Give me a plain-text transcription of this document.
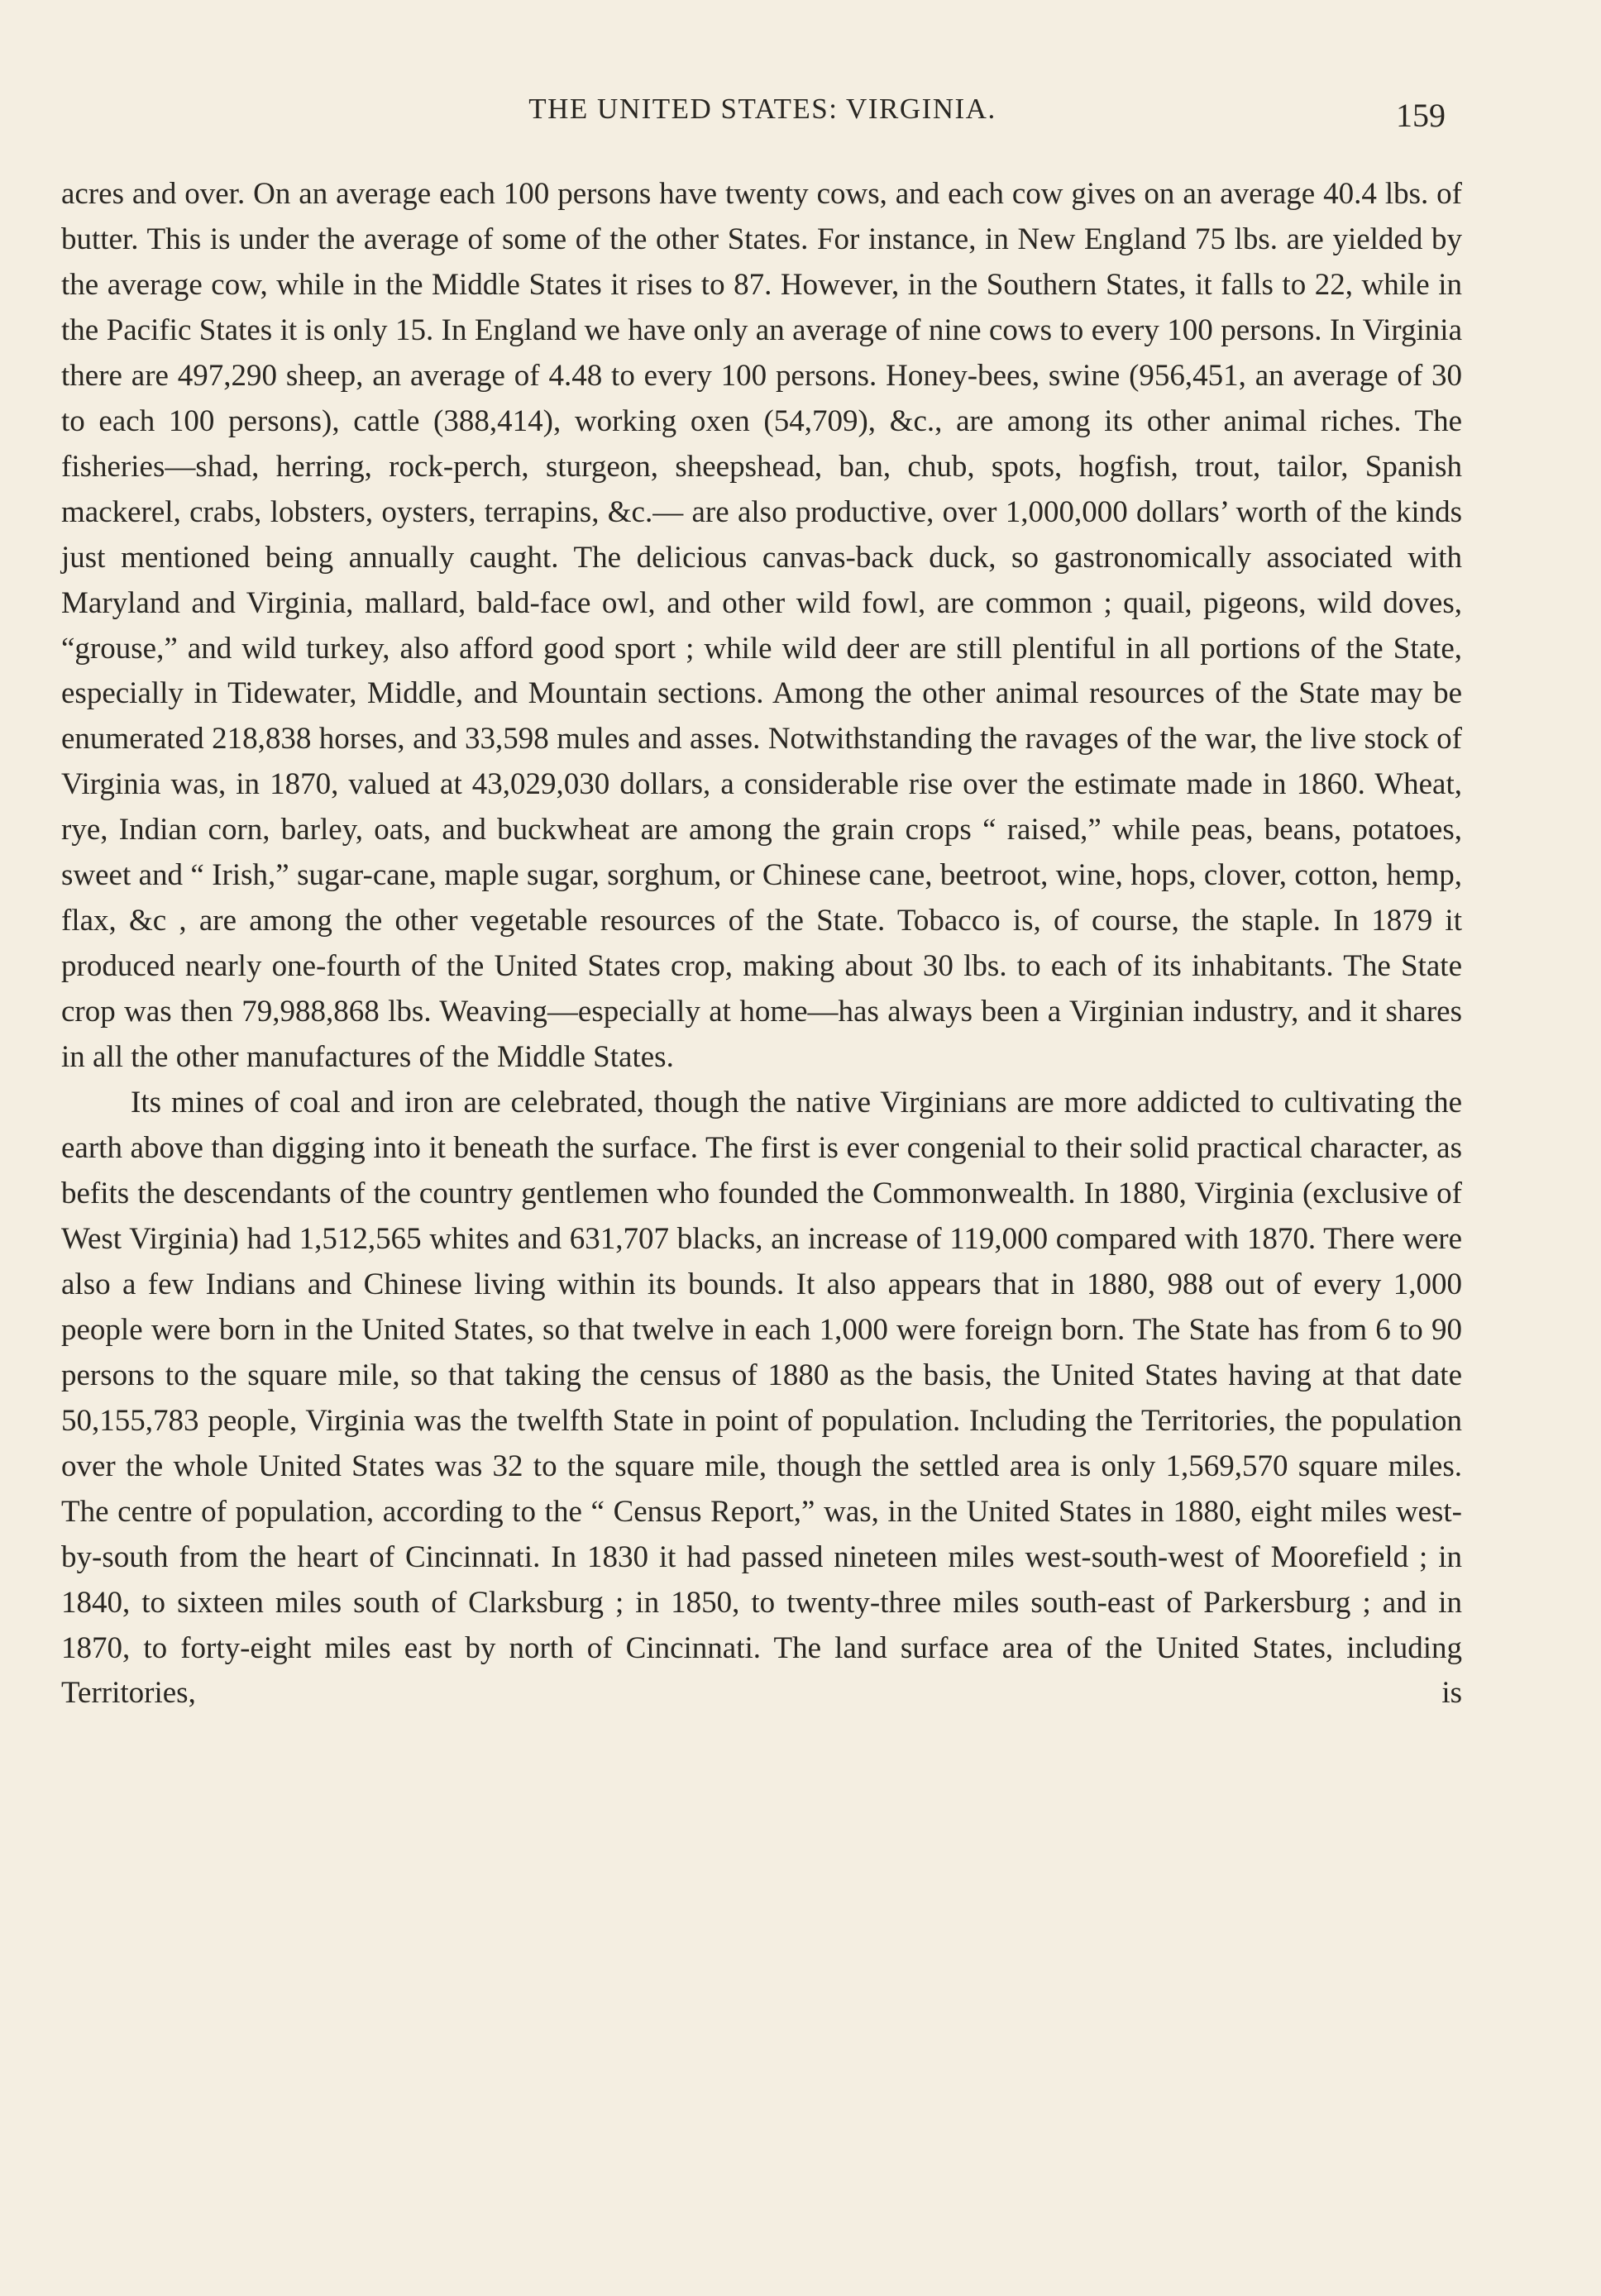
THE UNITED STATES: VIRGINIA.	159

acres and over. On an average each 100 persons have twenty cows, and each cow gives on an average 40.4 lbs. of butter. This is under the average of some of the other States. For instance, in New England 75 lbs. are yielded by the average cow, while in the Middle States it rises to 87. However, in the Southern States, it falls to 22, while in the Pacific States it is only 15. In England we have only an average of nine cows to every 100 persons. In Virginia there are 497,290 sheep, an average of 4.48 to every 100 persons. Honey-bees, swine (956,451, an average of 30 to each 100 persons), cattle (388,414), working oxen (54,709), &c., are among its other animal riches. The fisheries—shad, herring, rock-perch, sturgeon, sheepshead, ban, chub, spots, hogfish, trout, tailor, Spanish mackerel, crabs, lobsters, oysters, terrapins, &c.— are also productive, over 1,000,000 dollars’ worth of the kinds just mentioned being annually caught. The delicious canvas-back duck, so gastronomically associated with Maryland and Virginia, mallard, bald-face owl, and other wild fowl, are common ; quail, pigeons, wild doves, “grouse,” and wild turkey, also afford good sport ; while wild deer are still plentiful in all portions of the State, especially in Tidewater, Middle, and Mountain sections. Among the other animal resources of the State may be enumerated 218,838 horses, and 33,598 mules and asses. Notwithstanding the ravages of the war, the live stock of Virginia was, in 1870, valued at 43,029,030 dollars, a considerable rise over the estimate made in 1860. Wheat, rye, Indian corn, barley, oats, and buckwheat are among the grain crops “ raised,” while peas, beans, potatoes, sweet and “ Irish,” sugar-cane, maple sugar, sorghum, or Chinese cane, beetroot, wine, hops, clover, cotton, hemp, flax, &c , are among the other vegetable resources of the State. Tobacco is, of course, the staple. In 1879 it produced nearly one-fourth of the United States crop, making about 30 lbs. to each of its inhabitants. The State crop was then 79,988,868 lbs. Weaving—especially at home—has always been a Virginian industry, and it shares in all the other manufactures of the Middle States.

Its mines of coal and iron are celebrated, though the native Virginians are more addicted to cultivating the earth above than digging into it beneath the surface. The first is ever congenial to their solid practical character, as befits the descendants of the country gentlemen who founded the Commonwealth. In 1880, Virginia (exclusive of West Virginia) had 1,512,565 whites and 631,707 blacks, an increase of 119,000 compared with 1870. There were also a few Indians and Chinese living within its bounds. It also appears that in 1880, 988 out of every 1,000 people were born in the United States, so that twelve in each 1,000 were foreign born. The State has from 6 to 90 persons to the square mile, so that taking the census of 1880 as the basis, the United States having at that date 50,155,783 people, Virginia was the twelfth State in point of population. Including the Territories, the population over the whole United States was 32 to the square mile, though the settled area is only 1,569,570 square miles. The centre of population, according to the “ Census Report,” was, in the United States in 1880, eight miles west-by-south from the heart of Cincinnati. In 1830 it had passed nineteen miles west-south-west of Moorefield ; in 1840, to sixteen miles south of Clarksburg ; in 1850, to twenty-three miles south-east of Parkersburg ; and in 1870, to forty-eight miles east by north of Cincinnati. The land surface area of the United States, including Territories, is
